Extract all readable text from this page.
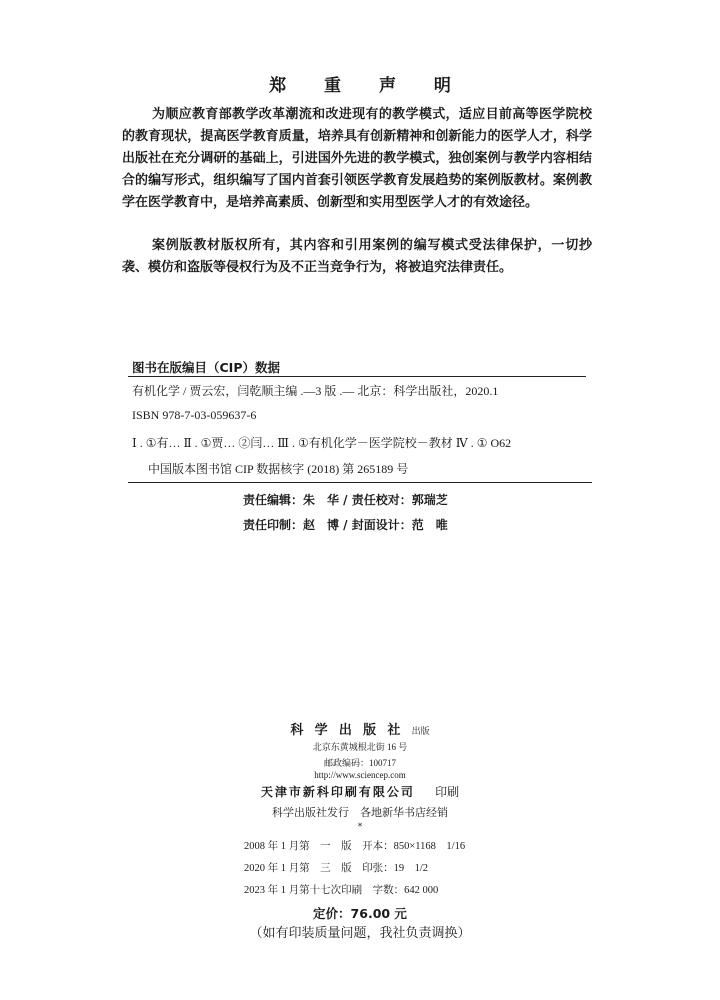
郑 重 声 明

为顺应教育部教学改革潮流和改进现有的教学模式，适应目前高等医学院校的教育现状，提高医学教育质量，培养具有创新精神和创新能力的医学人才，科学出版社在充分调研的基础上，引进国外先进的教学模式，独创案例与教学内容相结合的编写形式，组织编写了国内首套引领医学教育发展趋势的案例版教材。案例教学在医学教育中，是培养高素质、创新型和实用型医学人才的有效途径。

案例版教材版权所有，其内容和引用案例的编写模式受法律保护，一切抄袭、模仿和盗版等侵权行为及不正当竞争行为，将被追究法律责任。

图书在版编目（CIP）数据
有机化学 / 贾云宏，闫乾顺主编 .—3 版 .— 北京：科学出版社，2020.1
ISBN 978-7-03-059637-6
Ⅰ . ①有… Ⅱ . ①贾… ②闫… Ⅲ . ①有机化学－医学院校－教材 Ⅳ . ① O62
中国版本图书馆 CIP 数据核字 (2018) 第 265189 号
责任编辑：朱　华 / 责任校对：郭瑞芝
责任印制：赵　博 / 封面设计：范　唯
科 学 出 版 社 出版
北京东黄城根北街 16 号
邮政编码：100717
http://www.sciencep.com
天津市新科印刷有限公司 印刷
科学出版社发行　各地新华书店经销
*
2008 年 1 月第　一　版　开本：850×1168　1/16
2020 年 1 月第　三　版　印张：19　1/2
2023 年 1 月第十七次印刷　字数：642 000
定价：76.00 元
（如有印装质量问题，我社负责调换）
